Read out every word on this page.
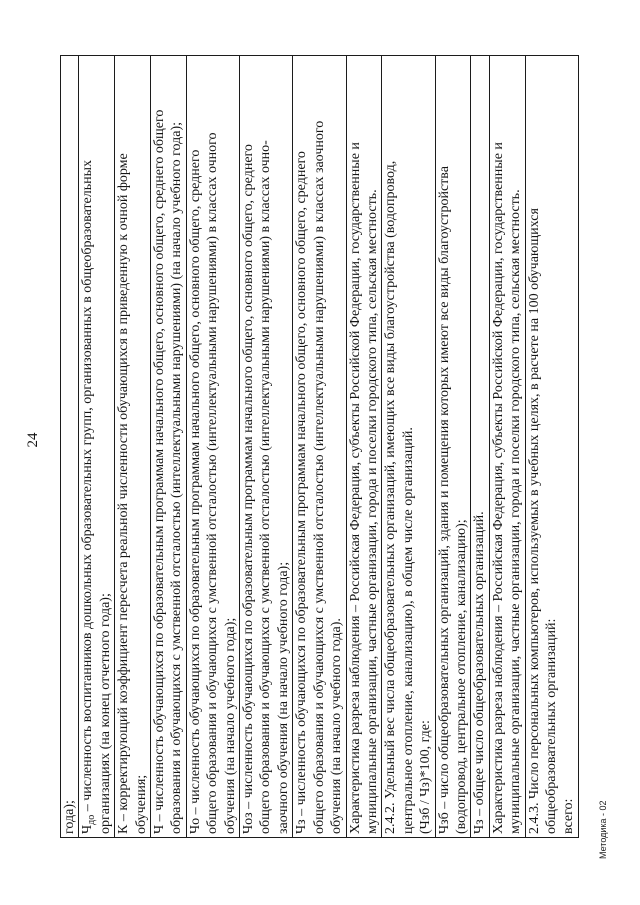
24
года);

$Ч_{до}$ – численность воспитанников дошкольных образовательных групп, организованных в общеобразовательных организациях (на конец отчетного года);

К – корректирующий коэффициент пересчета реальной численности обучающихся в приведенную к очной форме обучения;

Ч – численность обучающихся по образовательным программам начального общего, основного общего, среднего общего образования и обучающихся с умственной отсталостью (интеллектуальными нарушениями) (на начало учебного года);

Чо – численность обучающихся по образовательным программам начального общего, основного общего, среднего общего образования и обучающихся с умственной отсталостью (интеллектуальными нарушениями) в классах очного обучения (на начало учебного года);

Чоз – численность обучающихся по образовательным программам начального общего, основного общего, среднего общего образования и обучающихся с умственной отсталостью (интеллектуальными нарушениями) в классах очно- заочного обучения (на начало учебного года);

Чз – численность обучающихся по образовательным программам начального общего, основного общего, среднего общего образования и обучающихся с умственной отсталостью (интеллектуальными нарушениями) в классах заочного обучения (на начало учебного года).

Характеристика разреза наблюдения – Российская Федерация, субъекты Российской Федерации, государственные и муниципальные организации, частные организации, города и поселки городского типа, сельская местность.

2.4.2. Удельный вес числа общеобразовательных организаций, имеющих все виды благоустройства (водопровод, центральное отопление, канализацию), в общем числе организаций. (Чзб / Чз)*100, где:

Чзб – число общеобразовательных организаций, здания и помещения которых имеют все виды благоустройства (водопровод, центральное отопление, канализацию);

Чз – общее число общеобразовательных организаций.

Характеристика разреза наблюдения – Российская Федерация, субъекты Российской Федерации, государственные и муниципальные организации, частные организации, города и поселки городского типа, сельская местность.

2.4.3. Число персональных компьютеров, используемых в учебных целях, в расчете на 100 обучающихся общеобразовательных организаций: всего: Методика - 02
